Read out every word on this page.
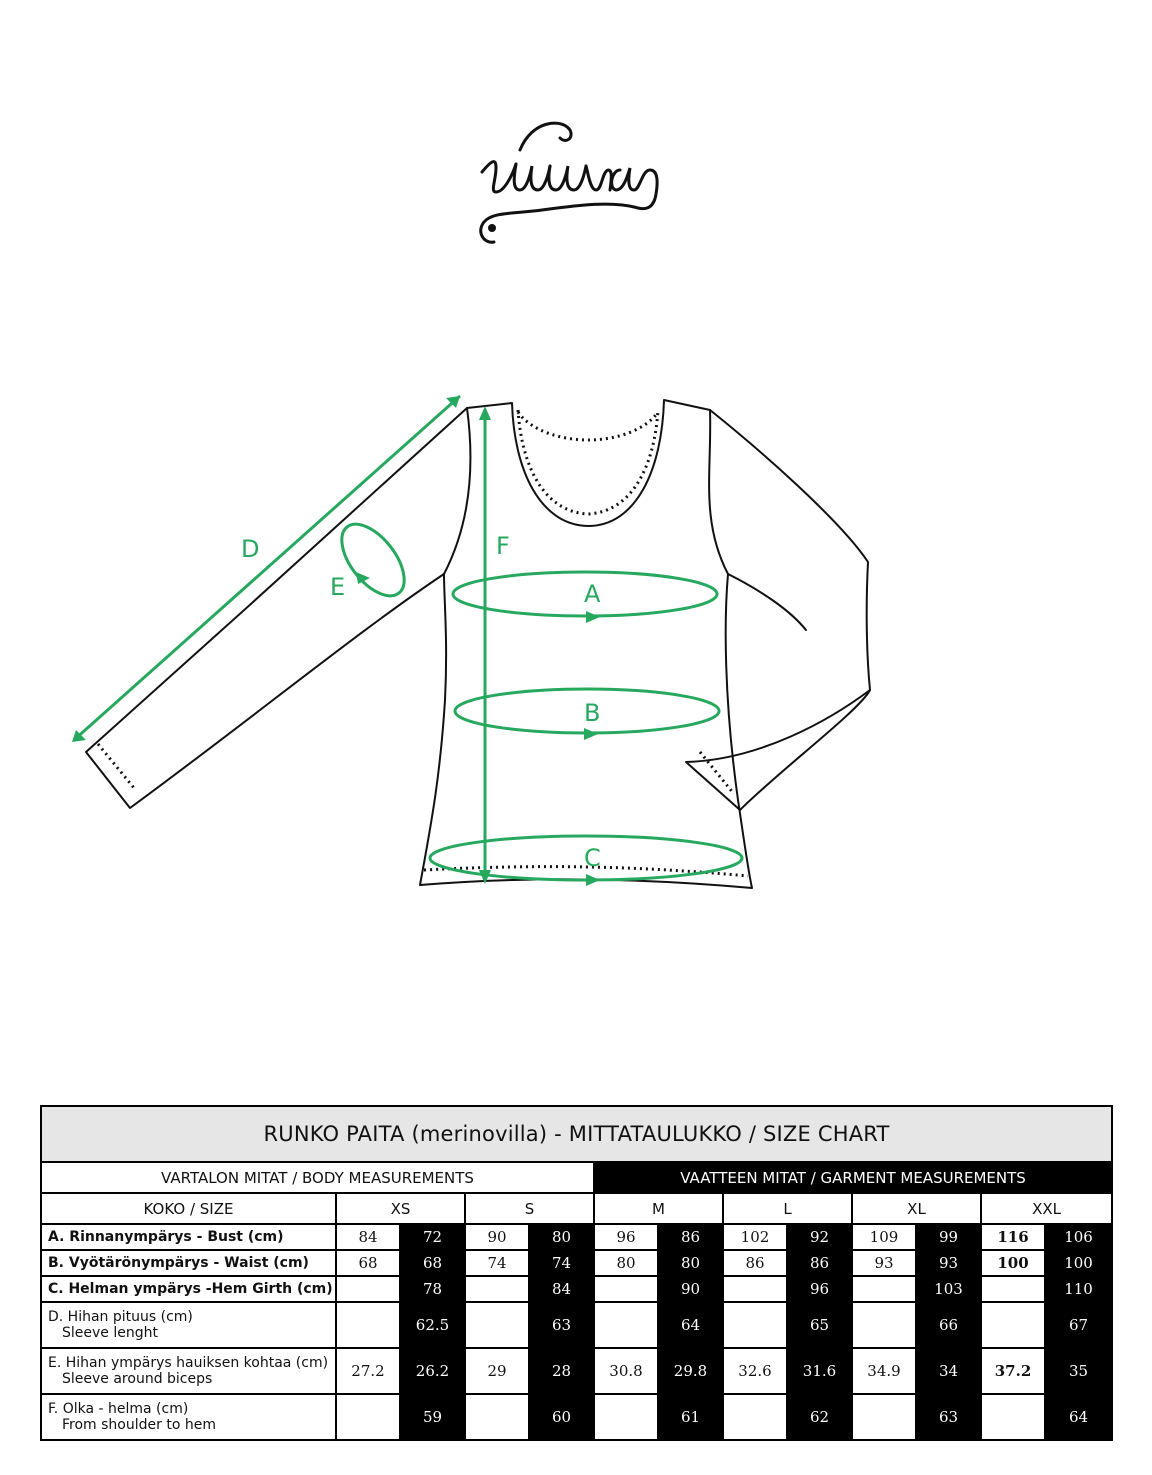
D
E
F
A
B
C
RUNKO PAITA (merinovilla) - MITTATAULUKKO / SIZE CHART												
VARTALON MITAT / BODY MEASUREMENTS					VAATTEEN MITAT / GARMENT MEASUREMENTS							
KOKO / SIZE	XS		S		M		L		XL		XXL	

A. Rinnanympärys - Bust (cm)	84	72	90	80	96	86	102	92	109	99	116	106

B. Vyötärönympärys - Waist (cm)	68	68	74	74	80	80	86	86	93	93	100	100

C. Helman ympärys -Hem Girth (cm)		78		84		90		96		103		110

D. Hihan pituus (cm)
Sleeve lenght		62.5		63		64		65		66		67

E. Hihan ympärys hauiksen kohtaa (cm)
Sleeve around biceps	27.2	26.2	29	28	30.8	29.8	32.6	31.6	34.9	34	37.2	35

F. Olka - helma (cm)
From shoulder to hem		59		60		61		62		63		64
